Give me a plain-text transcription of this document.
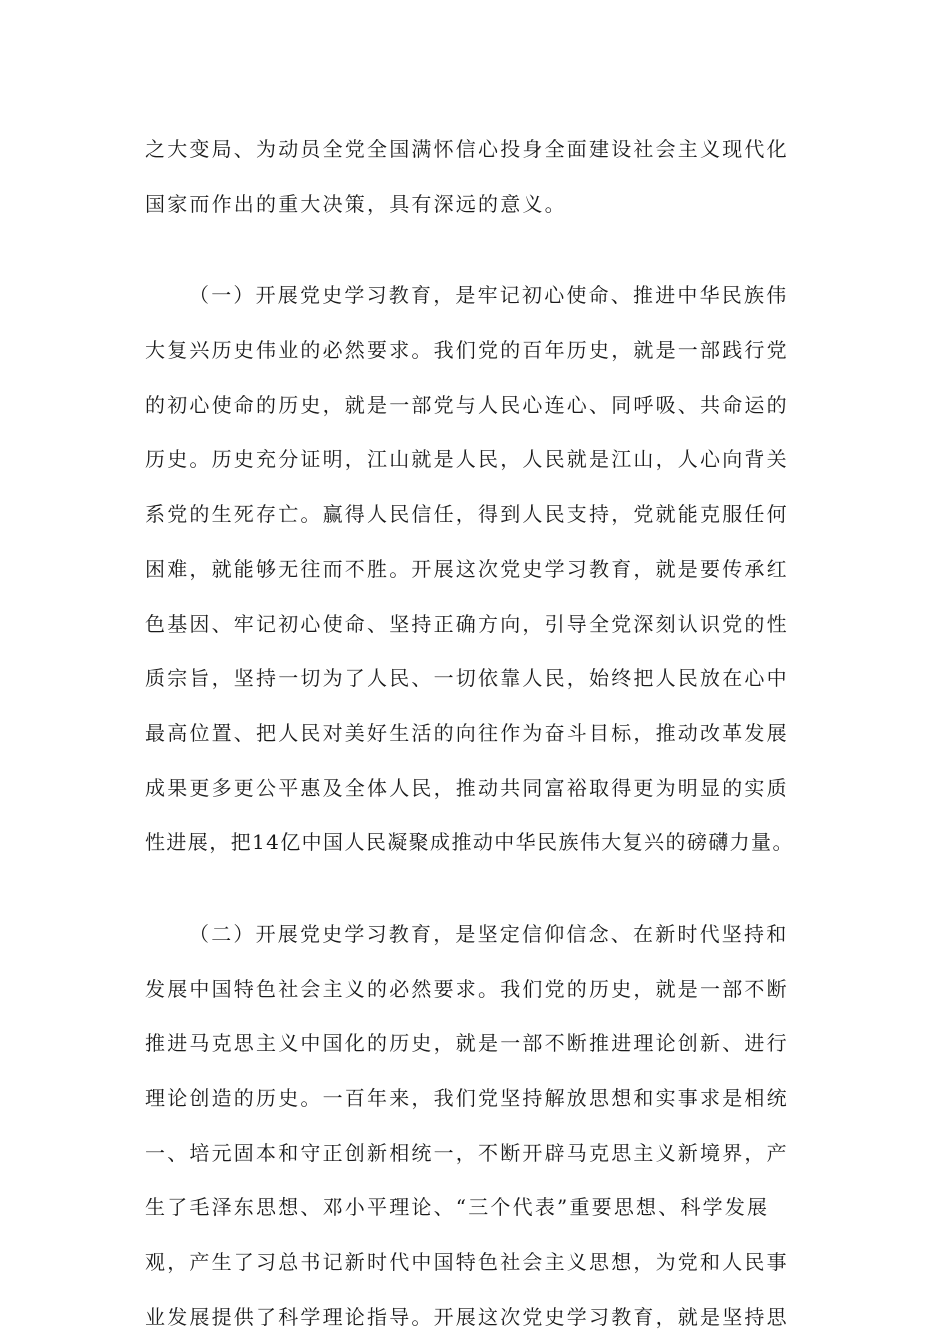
之大变局、为动员全党全国满怀信心投身全面建设社会主义现代化
国家而作出的重大决策，具有深远的意义。
（一）开展党史学习教育，是牢记初心使命、推进中华民族伟
大复兴历史伟业的必然要求。我们党的百年历史，就是一部践行党
的初心使命的历史，就是一部党与人民心连心、同呼吸、共命运的
历史。历史充分证明，江山就是人民，人民就是江山，人心向背关
系党的生死存亡。赢得人民信任，得到人民支持，党就能克服任何
困难，就能够无往而不胜。开展这次党史学习教育，就是要传承红
色基因、牢记初心使命、坚持正确方向，引导全党深刻认识党的性
质宗旨，坚持一切为了人民、一切依靠人民，始终把人民放在心中
最高位置、把人民对美好生活的向往作为奋斗目标，推动改革发展
成果更多更公平惠及全体人民，推动共同富裕取得更为明显的实质
性进展，把14亿中国人民凝聚成推动中华民族伟大复兴的磅礴力量。
（二）开展党史学习教育，是坚定信仰信念、在新时代坚持和
发展中国特色社会主义的必然要求。我们党的历史，就是一部不断
推进马克思主义中国化的历史，就是一部不断推进理论创新、进行
理论创造的历史。一百年来，我们党坚持解放思想和实事求是相统
一、培元固本和守正创新相统一，不断开辟马克思主义新境界，产
生了毛泽东思想、邓小平理论、“三个代表”重要思想、科学发展
观，产生了习总书记新时代中国特色社会主义思想，为党和人民事
业发展提供了科学理论指导。开展这次党史学习教育，就是坚持思
